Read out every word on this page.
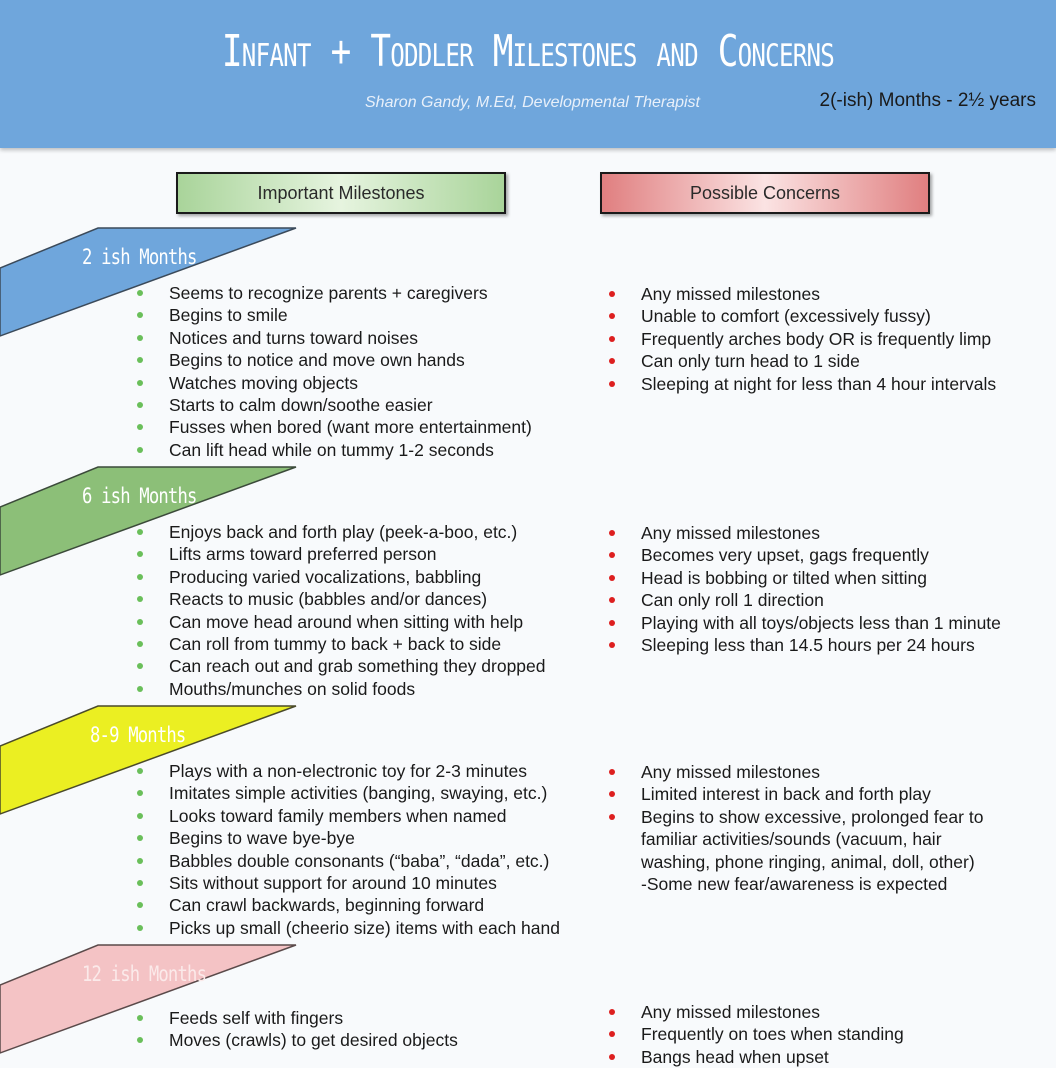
Infant + Toddler Milestones and Concerns
Sharon Gandy, M.Ed, Developmental Therapist	2(-ish) Months - 2½ years
Important Milestones	Possible Concerns
2 ish Months
Seems to recognize parents + caregivers
Begins to smile
Notices and turns toward noises
Begins to notice and move own hands
Watches moving objects
Starts to calm down/soothe easier
Fusses when bored (want more entertainment)
Can lift head while on tummy 1-2 seconds
Any missed milestones
Unable to comfort (excessively fussy)
Frequently arches body OR is frequently limp
Can only turn head to 1 side
Sleeping at night for less than 4 hour intervals
6 ish Months
Enjoys back and forth play (peek-a-boo, etc.)
Lifts arms toward preferred person
Producing varied vocalizations, babbling
Reacts to music (babbles and/or dances)
Can move head around when sitting with help
Can roll from tummy to back + back to side
Can reach out and grab something they dropped
Mouths/munches on solid foods
Any missed milestones
Becomes very upset, gags frequently
Head is bobbing or tilted when sitting
Can only roll 1 direction
Playing with all toys/objects less than 1 minute
Sleeping less than 14.5 hours per 24 hours
8-9 Months
Plays with a non-electronic toy for 2-3 minutes
Imitates simple activities (banging, swaying, etc.)
Looks toward family members when named
Begins to wave bye-bye
Babbles double consonants (“baba”, “dada”, etc.)
Sits without support for around 10 minutes
Can crawl backwards, beginning forward
Picks up small (cheerio size) items with each hand
Any missed milestones
Limited interest in back and forth play
Begins to show excessive, prolonged fear to
familiar activities/sounds (vacuum, hair
washing, phone ringing, animal, doll, other)
-Some new fear/awareness is expected
12 ish Months
Feeds self with fingers
Moves (crawls) to get desired objects
Any missed milestones
Frequently on toes when standing
Bangs head when upset
